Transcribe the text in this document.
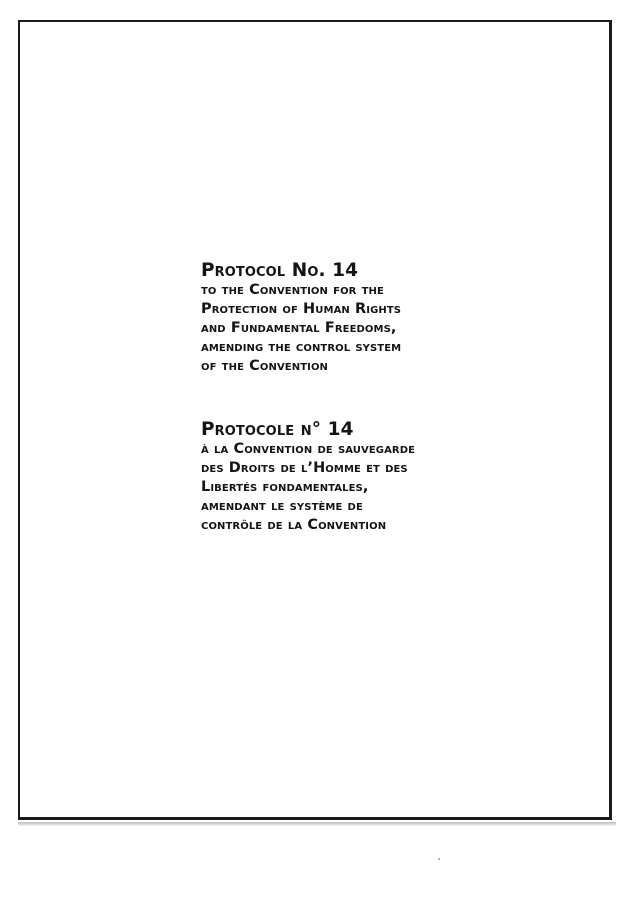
Protocol No. 14
to the Convention for the
Protection of Human Rights
and Fundamental Freedoms,
amending the control system
of the Convention
Protocole n° 14
à la Convention de sauvegarde
des Droits de l’Homme et des
Libertés fondamentales,
amendant le système de
contrôle de la Convention
